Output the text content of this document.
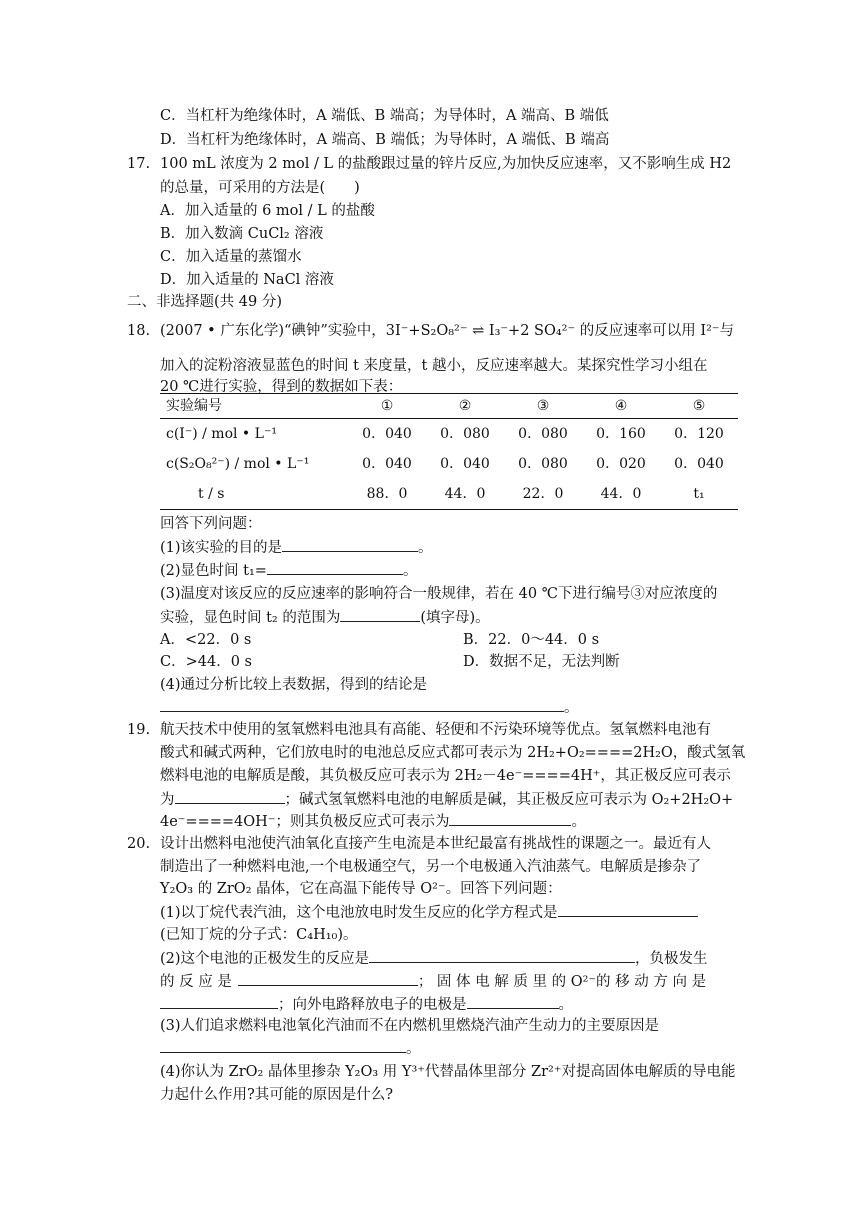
C．当杠杆为绝缘体时，A 端低、B 端高；为导体时，A 端高、B 端低
D．当杠杆为绝缘体时，A 端高、B 端低；为导体时，A 端低、B 端高
17. 100 mL 浓度为 2 mol / L 的盐酸跟过量的锌片反应,为加快反应速率，又不影响生成 H2
的总量，可采用的方法是(　　)
A．加入适量的 6 mol / L 的盐酸
B．加入数滴 CuCl₂ 溶液
C．加入适量的蒸馏水
D．加入适量的 NaCl 溶液
二、非选择题(共 49 分)
18. (2007 • 广东化学)“碘钟”实验中，3I⁻+S₂O₈²⁻ ⇌ I₃⁻+2 SO₄²⁻ 的反应速率可以用 I²⁻与
加入的淀粉溶液显蓝色的时间 t 来度量，t 越小，反应速率越大。某探究性学习小组在
20 ℃进行实验，得到的数据如下表：
实验编号	①	②	③	④	⑤
c(I⁻) / mol • L⁻¹	0．040	0．080	0．080	0．160	0．120
c(S₂O₈²⁻) / mol • L⁻¹	0．040	0．040	0．080	0．020	0．040
t / s	88．0	44．0	22．0	44．0	t₁
回答下列问题：
(1)该实验的目的是	。
(2)显色时间 t₁=	。
(3)温度对该反应的反应速率的影响符合一般规律，若在 40 ℃下进行编号③对应浓度的
实验，显色时间 t₂ 的范围为	(填字母)。
A．<22．0 s	B．22．0～44．0 s
C．>44．0 s	D．数据不足，无法判断
(4)通过分析比较上表数据，得到的结论是
。
19. 航天技术中使用的氢氧燃料电池具有高能、轻便和不污染环境等优点。氢氧燃料电池有
酸式和碱式两种，它们放电时的电池总反应式都可表示为 2H₂+O₂====2H₂O，酸式氢氧
燃料电池的电解质是酸，其负极反应可表示为 2H₂－4e⁻====4H⁺，其正极反应可表示
为	；碱式氢氧燃料电池的电解质是碱，其正极反应可表示为 O₂+2H₂O+
4e⁻====4OH⁻；则其负极反应式可表示为	。
20. 设计出燃料电池使汽油氧化直接产生电流是本世纪最富有挑战性的课题之一。最近有人
制造出了一种燃料电池,一个电极通空气，另一个电极通入汽油蒸气。电解质是掺杂了
Y₂O₃ 的 ZrO₂ 晶体，它在高温下能传导 O²⁻。回答下列问题：
(1)以丁烷代表汽油，这个电池放电时发生反应的化学方程式是
(已知丁烷的分子式：C₄H₁₀)。
(2)这个电池的正极发生的反应是	，负极发生
的 反 应 是	； 固 体 电 解 质 里 的 O²⁻的 移 动 方 向 是
；向外电路释放电子的电极是	。
(3)人们追求燃料电池氧化汽油而不在内燃机里燃烧汽油产生动力的主要原因是
。
(4)你认为 ZrO₂ 晶体里掺杂 Y₂O₃ 用 Y³⁺代替晶体里部分 Zr²⁺对提高固体电解质的导电能
力起什么作用?其可能的原因是什么?
